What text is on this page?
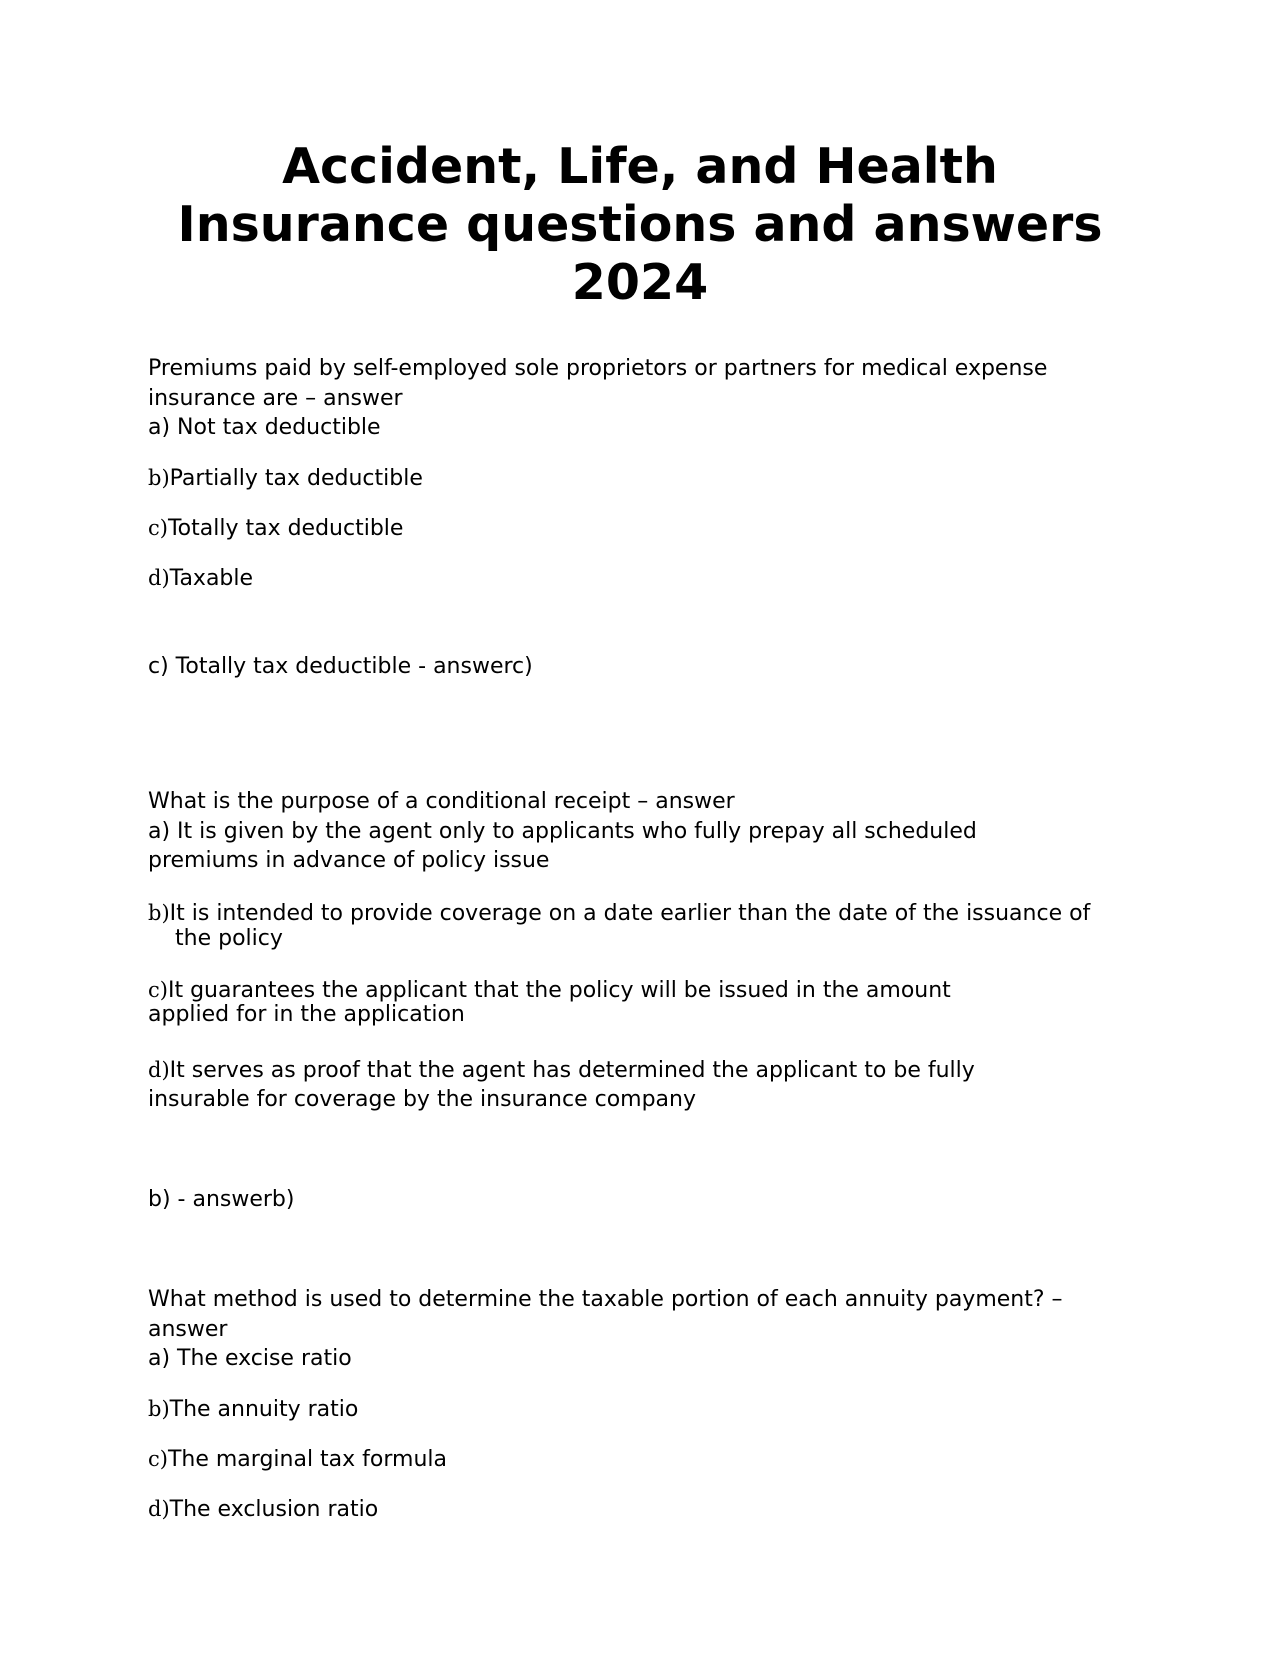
Accident, Life, and Health Insurance questions and answers 2024

Premiums paid by self-employed sole proprietors or partners for medical expense

insurance are – answer

a) Not tax deductible

b)Partially tax deductible

c)Totally tax deductible

d)Taxable

c) Totally tax deductible - answerc)

What is the purpose of a conditional receipt – answer

a) It is given by the agent only to applicants who fully prepay all scheduled

premiums in advance of policy issue

b)It is intended to provide coverage on a date earlier than the date of the issuance of

the policy

c)It guarantees the applicant that the policy will be issued in the amount

applied for in the application

d)It serves as proof that the agent has determined the applicant to be fully

insurable for coverage by the insurance company

b) - answerb)

What method is used to determine the taxable portion of each annuity payment? –

answer

a) The excise ratio

b)The annuity ratio

c)The marginal tax formula

d)The exclusion ratio
